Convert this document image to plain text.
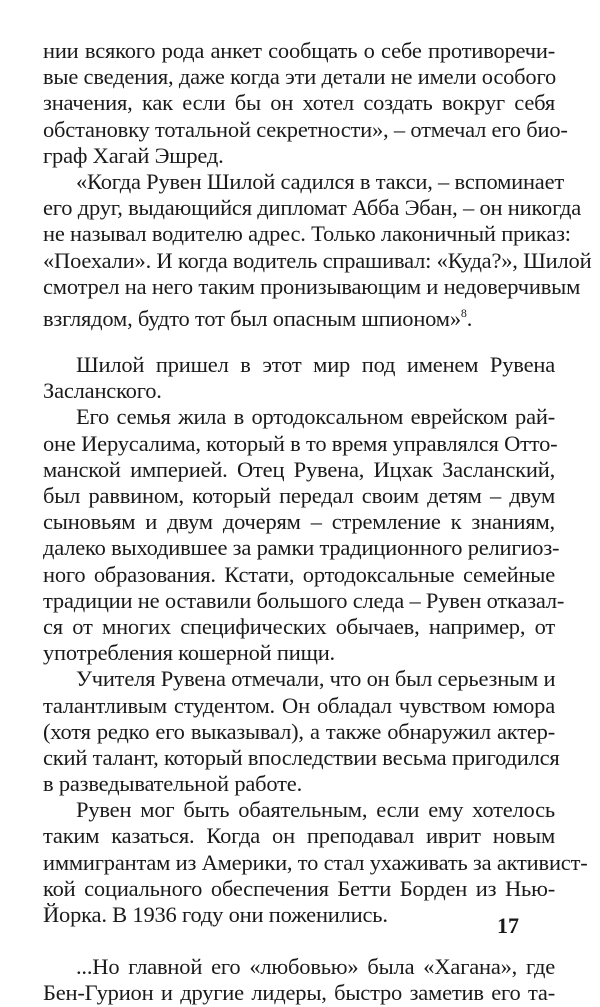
нии всякого рода анкет сообщать о себе противоречи-
вые сведения, даже когда эти детали не имели особого
значения, как если бы он хотел создать вокруг себя
обстановку тотальной секретности», – отмечал его био-
граф Хагай Эшред.
«Когда Рувен Шилой садился в такси, – вспоминает
его друг, выдающийся дипломат Абба Эбан, – он никогда
не называл водителю адрес. Только лаконичный приказ:
«Поехали». И когда водитель спрашивал: «Куда?», Шилой
смотрел на него таким пронизывающим и недоверчивым
взглядом, будто тот был опасным шпионом»$^8$.
Шилой пришел в этот мир под именем Рувена
Засланского.
Его семья жила в ортодоксальном еврейском рай-
оне Иерусалима, который в то время управлялся Отто-
манской империей. Отец Рувена, Ицхак Засланский,
был раввином, который передал своим детям – двум
сыновьям и двум дочерям – стремление к знаниям,
далеко выходившее за рамки традиционного религиоз-
ного образования. Кстати, ортодоксальные семейные
традиции не оставили большого следа – Рувен отказал-
ся от многих специфических обычаев, например, от
употребления кошерной пищи.
Учителя Рувена отмечали, что он был серьезным и
талантливым студентом. Он обладал чувством юмора
(хотя редко его выказывал), а также обнаружил актер-
ский талант, который впоследствии весьма пригодился
в разведывательной работе.
Рувен мог быть обаятельным, если ему хотелось
таким казаться. Когда он преподавал иврит новым
иммигрантам из Америки, то стал ухаживать за активист-
кой социального обеспечения Бетти Борден из Нью-
Йорка. В 1936 году они поженились.
...Но главной его «любовью» была «Хагана», где
Бен-Гурион и другие лидеры, быстро заметив его та-
17
